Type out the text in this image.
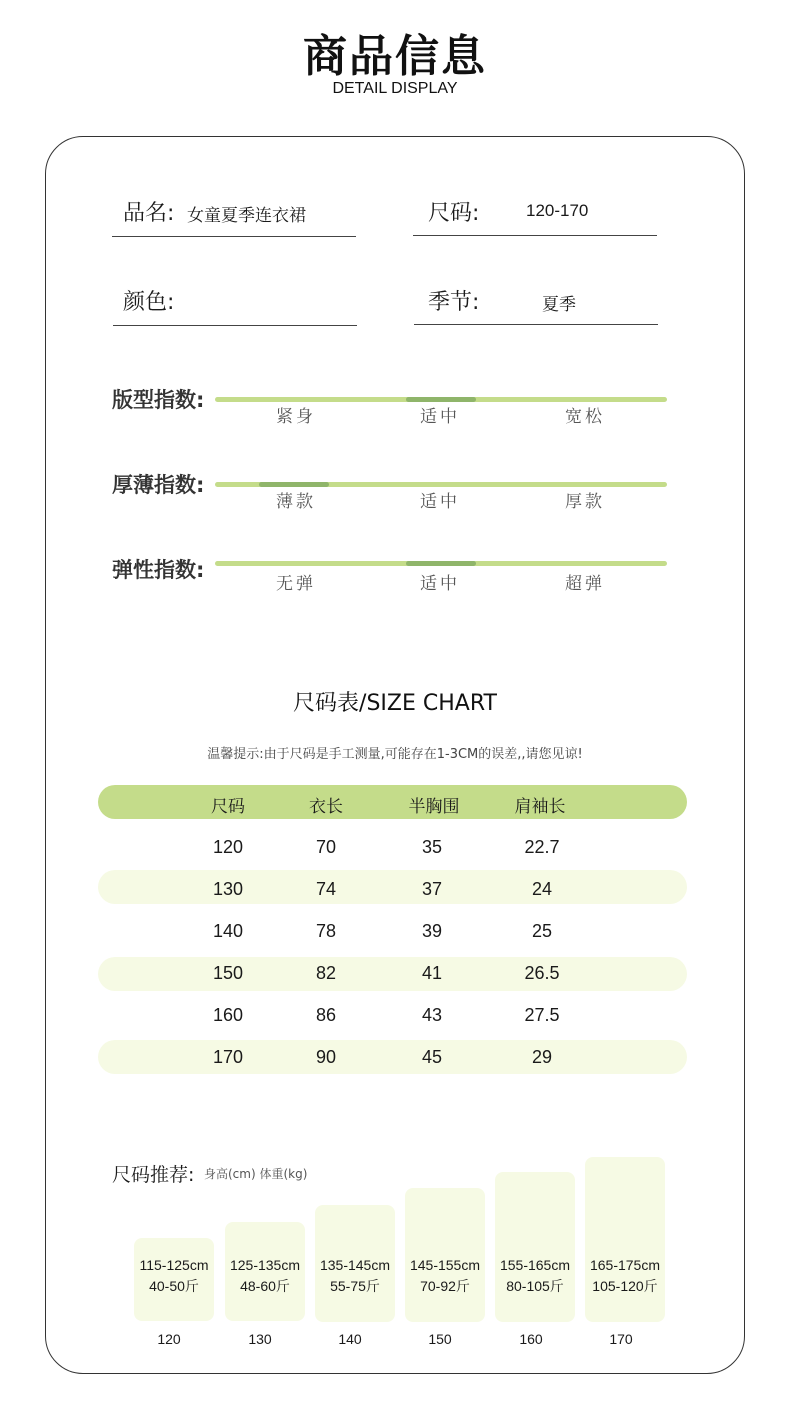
商品信息
DETAIL DISPLAY
品名: 女童夏季连衣裙	尺码:	120-170
颜色:	季节:	夏季
版型指数:
紧身	适中	宽松
厚薄指数:
薄款	适中	厚款
弹性指数:
无弹	适中	超弹
尺码表/SIZE CHART
温馨提示:由于尺码是手工测量,可能存在1-3CM的误差,,请您见谅!
尺码	衣长	半胸围	肩袖长
120	70	35	22.7
130	74	37	24
140	78	39	25
150	82	41	26.5
160	86	43	27.5
170	90	45	29
尺码推荐: 身高(cm) 体重(kg)
115-125cm
40-50斤
125-135cm
48-60斤
135-145cm
55-75斤
145-155cm
70-92斤
155-165cm
80-105斤
165-175cm
105-120斤
120	130	140	150	160	170
